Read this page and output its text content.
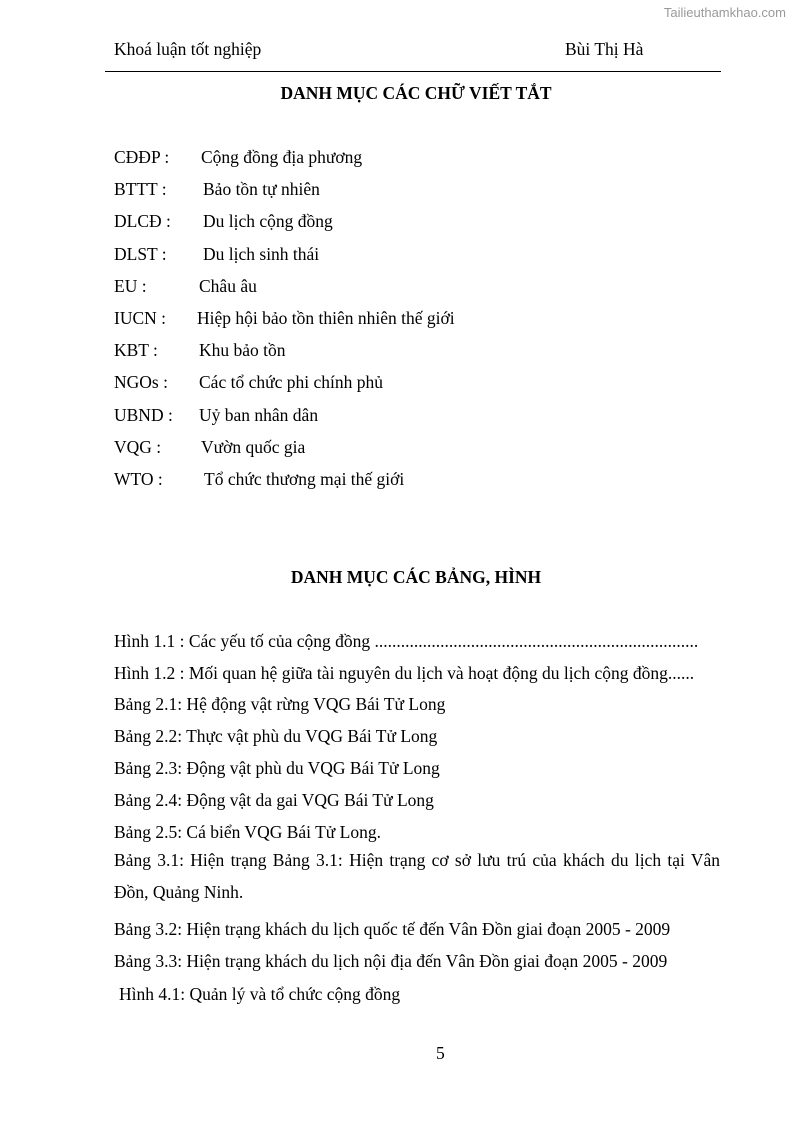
Tailieuthamkhao.com
Khoá luận tốt nghiệp	Bùi Thị Hà
DANH MỤC CÁC CHỮ VIẾT TẮT
CĐĐP : Cộng đồng địa phương
BTTT : Bảo tồn tự nhiên
DLCĐ : Du lịch cộng đồng
DLST : Du lịch sinh thái
EU :	Châu âu
IUCN : Hiệp hội bảo tồn thiên nhiên thế giới
KBT : Khu bảo tồn
NGOs : Các tổ chức phi chính phủ
UBND : Uỷ ban nhân dân
VQG : Vườn quốc gia
WTO : Tổ chức thương mại thế giới
DANH MỤC CÁC BẢNG, HÌNH
Hình 1.1 : Các yếu tố của cộng đồng ..........................................................................
Hình 1.2 : Mối quan hệ giữa tài nguyên du lịch và hoạt động du lịch cộng đồng......
Bảng 2.1: Hệ động vật rừng VQG Bái Tử Long
Bảng 2.2: Thực vật phù du VQG Bái Tử Long
Bảng 2.3: Động vật phù du VQG Bái Tử Long
Bảng 2.4: Động vật da gai VQG Bái Tử Long
Bảng 2.5: Cá biển VQG Bái Tử Long.
Bảng 3.1: Hiện trạng Bảng 3.1: Hiện trạng cơ sở lưu trú của khách du lịch tại Vân Đồn, Quảng Ninh.
Bảng 3.2: Hiện trạng khách du lịch quốc tế đến Vân Đồn giai đoạn 2005 - 2009
Bảng 3.3: Hiện trạng khách du lịch nội địa đến Vân Đồn giai đoạn 2005 - 2009
Hình 4.1: Quản lý và tổ chức cộng đồng
5
